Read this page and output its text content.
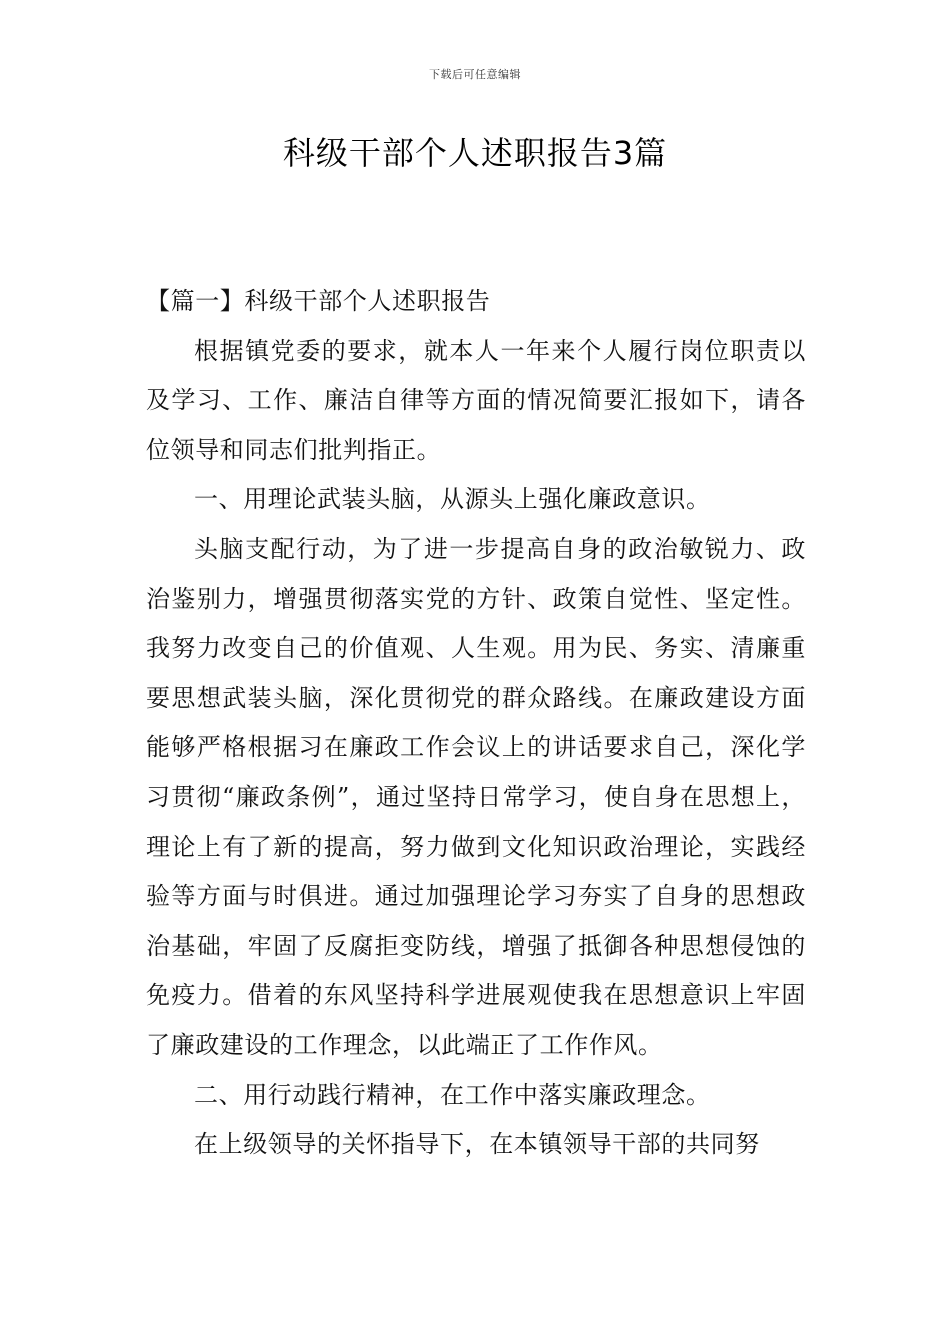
下载后可任意编辑
科级干部个人述职报告3篇

【篇一】科级干部个人述职报告

根据镇党委的要求，就本人一年来个人履行岗位职责以及学习、工作、廉洁自律等方面的情况简要汇报如下，请各位领导和同志们批判指正。

一、用理论武装头脑，从源头上强化廉政意识。

头脑支配行动，为了进一步提高自身的政治敏锐力、政治鉴别力，增强贯彻落实党的方针、政策自觉性、坚定性。我努力改变自己的价值观、人生观。用为民、务实、清廉重要思想武装头脑，深化贯彻党的群众路线。在廉政建设方面能够严格根据习在廉政工作会议上的讲话要求自己，深化学习贯彻“廉政条例”，通过坚持日常学习，使自身在思想上，理论上有了新的提高，努力做到文化知识政治理论，实践经验等方面与时俱进。通过加强理论学习夯实了自身的思想政治基础，牢固了反腐拒变防线，增强了抵御各种思想侵蚀的免疫力。借着的东风坚持科学进展观使我在思想意识上牢固了廉政建设的工作理念，以此端正了工作作风。

二、用行动践行精神，在工作中落实廉政理念。

在上级领导的关怀指导下，在本镇领导干部的共同努
